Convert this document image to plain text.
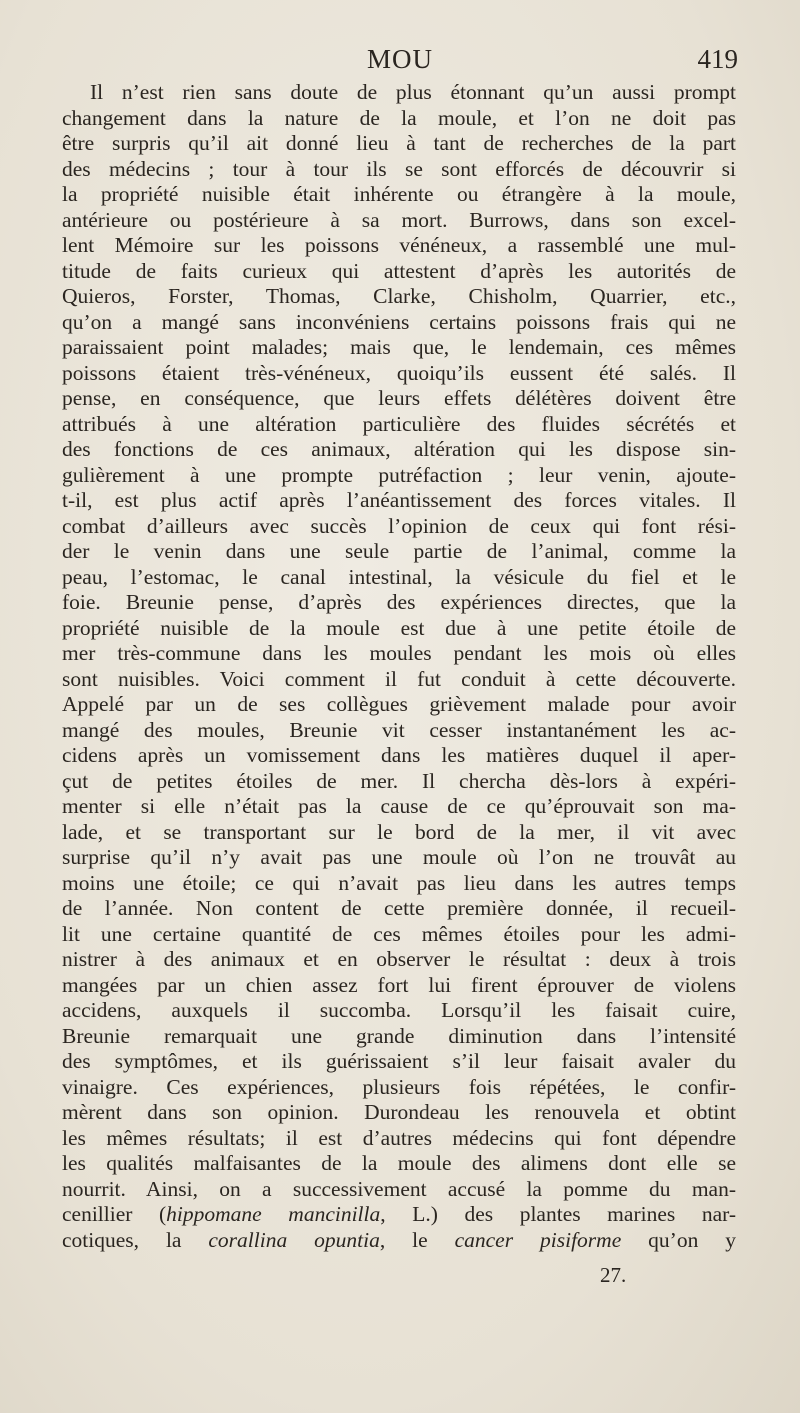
MOU	419
Il n’est rien sans doute de plus étonnant qu’un aussi prompt
changement dans la nature de la moule, et l’on ne doit pas
être surpris qu’il ait donné lieu à tant de recherches de la part
des médecins ; tour à tour ils se sont efforcés de découvrir si
la propriété nuisible était inhérente ou étrangère à la moule,
antérieure ou postérieure à sa mort. Burrows, dans son excel-
lent Mémoire sur les poissons vénéneux, a rassemblé une mul-
titude de faits curieux qui attestent d’après les autorités de
Quieros, Forster, Thomas, Clarke, Chisholm, Quarrier, etc.,
qu’on a mangé sans inconvéniens certains poissons frais qui ne
paraissaient point malades; mais que, le lendemain, ces mêmes
poissons étaient très-vénéneux, quoiqu’ils eussent été salés. Il
pense, en conséquence, que leurs effets délétères doivent être
attribués à une altération particulière des fluides sécrétés et
des fonctions de ces animaux, altération qui les dispose sin-
gulièrement à une prompte putréfaction ; leur venin, ajoute-
t-il, est plus actif après l’anéantissement des forces vitales. Il
combat d’ailleurs avec succès l’opinion de ceux qui font rési-
der le venin dans une seule partie de l’animal, comme la
peau, l’estomac, le canal intestinal, la vésicule du fiel et le
foie. Breunie pense, d’après des expériences directes, que la
propriété nuisible de la moule est due à une petite étoile de
mer très-commune dans les moules pendant les mois où elles
sont nuisibles. Voici comment il fut conduit à cette découverte.
Appelé par un de ses collègues grièvement malade pour avoir
mangé des moules, Breunie vit cesser instantanément les ac-
cidens après un vomissement dans les matières duquel il aper-
çut de petites étoiles de mer. Il chercha dès-lors à expéri-
menter si elle n’était pas la cause de ce qu’éprouvait son ma-
lade, et se transportant sur le bord de la mer, il vit avec
surprise qu’il n’y avait pas une moule où l’on ne trouvât au
moins une étoile; ce qui n’avait pas lieu dans les autres temps
de l’année. Non content de cette première donnée, il recueil-
lit une certaine quantité de ces mêmes étoiles pour les admi-
nistrer à des animaux et en observer le résultat : deux à trois
mangées par un chien assez fort lui firent éprouver de violens
accidens, auxquels il succomba. Lorsqu’il les faisait cuire,
Breunie remarquait une grande diminution dans l’intensité
des symptômes, et ils guérissaient s’il leur faisait avaler du
vinaigre. Ces expériences, plusieurs fois répétées, le confir-
mèrent dans son opinion. Durondeau les renouvela et obtint
les mêmes résultats; il est d’autres médecins qui font dépendre
les qualités malfaisantes de la moule des alimens dont elle se
nourrit. Ainsi, on a successivement accusé la pomme du man-
cenillier (hippomane mancinilla, L.) des plantes marines nar-
cotiques, la corallina opuntia, le cancer pisiforme qu’on y
27.
